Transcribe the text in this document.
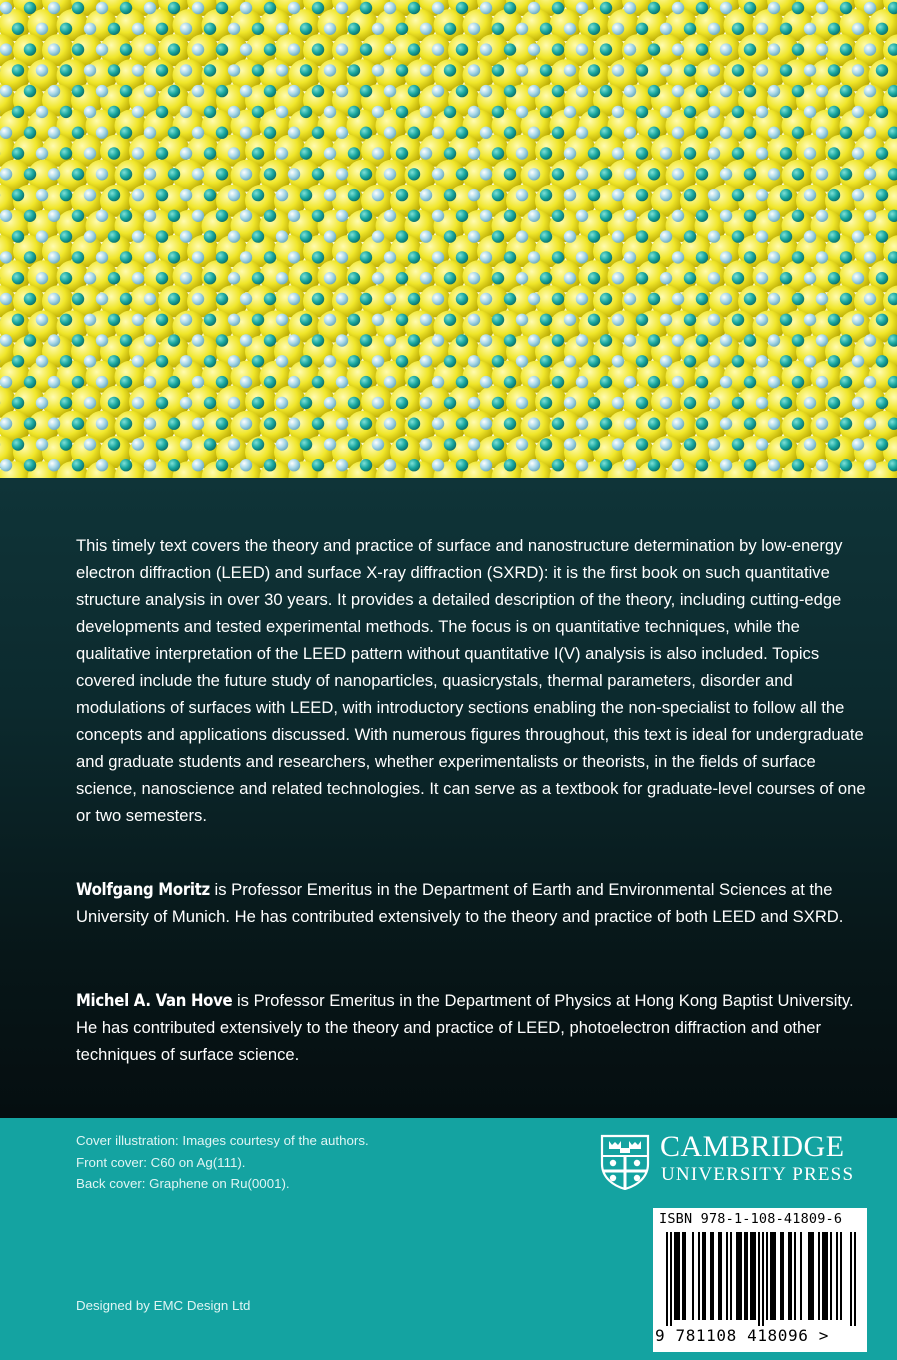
This timely text covers the theory and practice of surface and nanostructure determination by low-energy electron diffraction (LEED) and surface X-ray diffraction (SXRD): it is the first book on such quantitative structure analysis in over 30 years. It provides a detailed description of the theory, including cutting-edge developments and tested experimental methods. The focus is on quantitative techniques, while the qualitative interpretation of the LEED pattern without quantitative I(V) analysis is also included. Topics covered include the future study of nanoparticles, quasicrystals, thermal parameters, disorder and modulations of surfaces with LEED, with introductory sections enabling the non-specialist to follow all the concepts and applications discussed. With numerous figures throughout, this text is ideal for undergraduate and graduate students and researchers, whether experimentalists or theorists, in the fields of surface science, nanoscience and related technologies. It can serve as a textbook for graduate-level courses of one or two semesters.

Wolfgang Moritz is Professor Emeritus in the Department of Earth and Environmental Sciences at the University of Munich. He has contributed extensively to the theory and practice of both LEED and SXRD.

Michel A. Van Hove is Professor Emeritus in the Department of Physics at Hong Kong Baptist University. He has contributed extensively to the theory and practice of LEED, photoelectron diffraction and other techniques of surface science.

Cover illustration: Images courtesy of the authors.
Front cover: C60 on Ag(111).
Back cover: Graphene on Ru(0001).
Designed by EMC Design Ltd
CAMBRIDGE
UNIVERSITY PRESS
ISBN 978-1-108-41809-6
9 781108 418096 >
